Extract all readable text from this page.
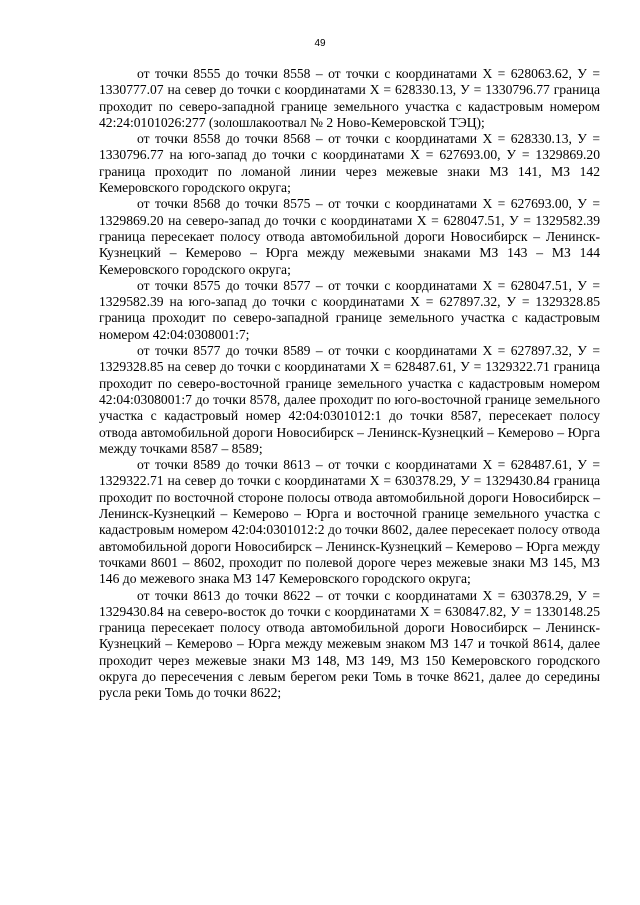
49

от точки 8555 до точки 8558 – от точки с координатами Х = 628063.62, У = 1330777.07 на север до точки с координатами Х = 628330.13, У = 1330796.77 граница проходит по северо-западной границе земельного участка с кадастровым номером 42:24:0101026:277 (золошлакоотвал № 2 Ново-Кемеровской ТЭЦ);

от точки 8558 до точки 8568 – от точки с координатами Х = 628330.13, У = 1330796.77 на юго-запад до точки с координатами Х = 627693.00, У = 1329869.20 граница проходит по ломаной линии через межевые знаки МЗ 141, МЗ 142 Кемеровского городского округа;

от точки 8568 до точки 8575 – от точки с координатами Х = 627693.00, У = 1329869.20 на северо-запад до точки с координатами Х = 628047.51, У = 1329582.39 граница пересекает полосу отвода автомобильной дороги Новосибирск – Ленинск-Кузнецкий – Кемерово – Юрга между межевыми знаками МЗ 143 – МЗ 144 Кемеровского городского округа;

от точки 8575 до точки 8577 – от точки с координатами Х = 628047.51, У = 1329582.39 на юго-запад до точки с координатами Х = 627897.32, У = 1329328.85 граница проходит по северо-западной границе земельного участка с кадастровым номером 42:04:0308001:7;

от точки 8577 до точки 8589 – от точки с координатами Х = 627897.32, У = 1329328.85 на север до точки с координатами Х = 628487.61, У = 1329322.71 граница проходит по северо-восточной границе земельного участка с кадастровым номером 42:04:0308001:7 до точки 8578, далее проходит по юго-восточной границе земельного участка с кадастровый номер 42:04:0301012:1 до точки 8587, пересекает полосу отвода автомобильной дороги Новосибирск – Ленинск-Кузнецкий – Кемерово – Юрга между точками 8587 – 8589;

от точки 8589 до точки 8613 – от точки с координатами Х = 628487.61, У = 1329322.71 на север до точки с координатами Х = 630378.29, У = 1329430.84 граница проходит по восточной стороне полосы отвода автомобильной дороги Новосибирск – Ленинск-Кузнецкий – Кемерово – Юрга и восточной границе земельного участка с кадастровым номером 42:04:0301012:2 до точки 8602, далее пересекает полосу отвода автомобильной дороги Новосибирск – Ленинск-Кузнецкий – Кемерово – Юрга между точками 8601 – 8602, проходит по полевой дороге через межевые знаки МЗ 145, МЗ 146 до межевого знака МЗ 147 Кемеровского городского округа;

от точки 8613 до точки 8622 – от точки с координатами Х = 630378.29, У = 1329430.84 на северо-восток до точки с координатами Х = 630847.82, У = 1330148.25 граница пересекает полосу отвода автомобильной дороги Новосибирск – Ленинск-Кузнецкий – Кемерово – Юрга между межевым знаком МЗ 147 и точкой 8614, далее проходит через межевые знаки МЗ 148, МЗ 149, МЗ 150 Кемеровского городского округа до пересечения с левым берегом реки Томь в точке 8621, далее до середины русла реки Томь до точки 8622;
